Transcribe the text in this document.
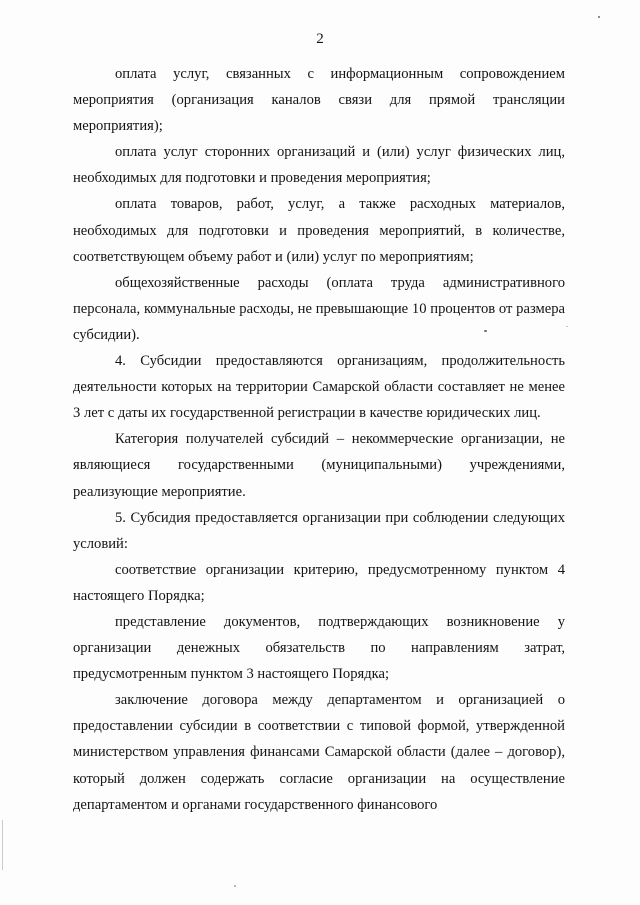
2

оплата услуг, связанных с информационным сопровождением мероприятия (организация каналов связи для прямой трансляции мероприятия);

оплата услуг сторонних организаций и (или) услуг физических лиц, необходимых для подготовки и проведения мероприятия;

оплата товаров, работ, услуг, а также расходных материалов, необходимых для подготовки и проведения мероприятий, в количестве, соответствующем объему работ и (или) услуг по мероприятиям;

общехозяйственные расходы (оплата труда административного персонала, коммунальные расходы, не превышающие 10 процентов от размера субсидии).

4. Субсидии предоставляются организациям, продолжительность деятельности которых на территории Самарской области составляет не менее 3 лет с даты их государственной регистрации в качестве юридических лиц.

Категория получателей субсидий – некоммерческие организации, не являющиеся государственными (муниципальными) учреждениями, реализующие мероприятие.

5. Субсидия предоставляется организации при соблюдении следующих условий:

соответствие организации критерию, предусмотренному пунктом 4 настоящего Порядка;

представление документов, подтверждающих возникновение у организации денежных обязательств по направлениям затрат, предусмотренным пунктом 3 настоящего Порядка;

заключение договора между департаментом и организацией о предоставлении субсидии в соответствии с типовой формой, утвержденной министерством управления финансами Самарской области (далее – договор), который должен содержать согласие организации на осуществление департаментом и органами государственного финансового
